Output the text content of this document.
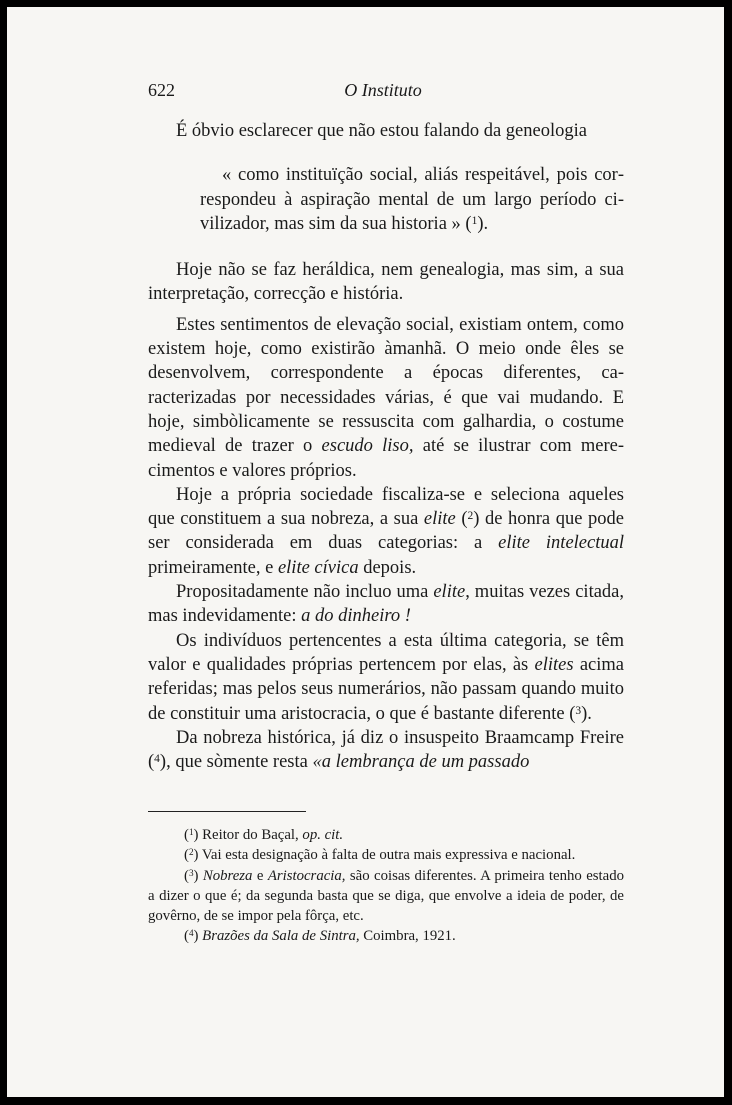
622	O Instituto

É óbvio esclarecer que não estou falando da geneologia

« como instituïção social, aliás respeitável, pois correspondeu à aspiração mental de um largo período civilizador, mas sim da sua historia » ($^1$).

Hoje não se faz heráldica, nem genealogia, mas sim, a sua interpretação, correcção e história.

Estes sentimentos de elevação social, existiam ontem, como existem hoje, como existirão àmanhã. O meio onde êles se desenvolvem, correspondente a épocas diferentes, caracterizadas por necessidades várias, é que vai mudando. E hoje, simbòlicamente se ressuscita com galhardia, o costume medieval de trazer o escudo liso, até se ilustrar com merecimentos e valores próprios.

Hoje a própria sociedade fiscaliza-se e seleciona aqueles que constituem a sua nobreza, a sua elite ($^2$) de honra que pode ser considerada em duas categorias: a elite intelectual primeiramente, e elite cívica depois.

Propositadamente não incluo uma elite, muitas vezes citada, mas indevidamente: a do dinheiro !

Os indivíduos pertencentes a esta última categoria, se têm valor e qualidades próprias pertencem por elas, às elites acima referidas; mas pelos seus numerários, não passam quando muito de constituir uma aristocracia, o que é bastante diferente ($^3$).

Da nobreza histórica, já diz o insuspeito Braamcamp Freire ($^4$), que sòmente resta «a lembrança de um passado

($^1$) Reitor do Baçal, op. cit.

($^2$) Vai esta designação à falta de outra mais expressiva e nacional.

($^3$) Nobreza e Aristocracia, são coisas diferentes. A primeira tenho estado a dizer o que é; da segunda basta que se diga, que envolve a ideia de poder, de govêrno, de se impor pela fôrça, etc.

($^4$) Brazões da Sala de Sintra, Coimbra, 1921.
